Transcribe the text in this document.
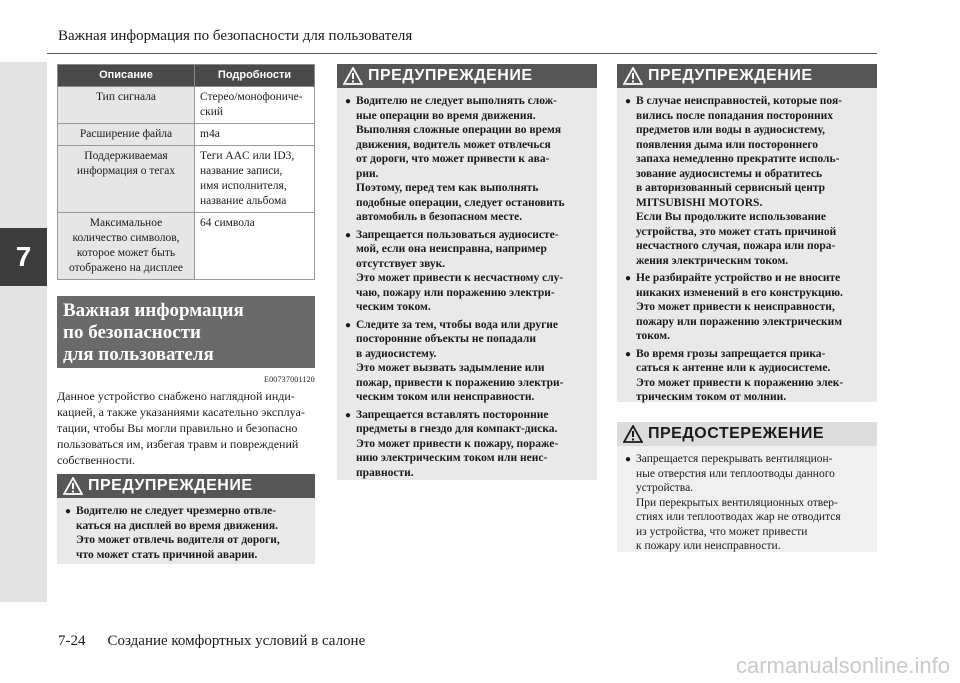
7
Важная информация по безопасности для пользователя
Описание	Подробности
Тип сигнала	Стерео/монофониче-
ский
Расширение файла	m4a
Поддерживаемая
информация о тегах	Теги AAC или ID3,
название записи,
имя исполнителя,
название альбома
Максимальное
количество символов,
которое может быть
отображено на дисплее	64 символа
Важная информация
по безопасности
для пользователя
E00737001120
Данное устройство снабжено наглядной инди-
кацией, а также указаниями касательно эксплуа-
тации, чтобы Вы могли правильно и безопасно
пользоваться им, избегая травм и повреждений
собственности.
ПРЕДУПРЕЖДЕНИЕ
● Водителю не следует чрезмерно отвле-
каться на дисплей во время движения.
Это может отвлечь водителя от дороги,
что может стать причиной аварии.
ПРЕДУПРЕЖДЕНИЕ
● Водителю не следует выполнять слож-
ные операции во время движения.
Выполняя сложные операции во время
движения, водитель может отвлечься
от дороги, что может привести к ава-
рии.
Поэтому, перед тем как выполнять
подобные операции, следует остановить
автомобиль в безопасном месте.
● Запрещается пользоваться аудиосисте-
мой, если она неисправна, например
отсутствует звук.
Это может привести к несчастному слу-
чаю, пожару или поражению электри-
ческим током.
● Следите за тем, чтобы вода или другие
посторонние объекты не попадали
в аудиосистему.
Это может вызвать задымление или
пожар, привести к поражению электри-
ческим током или неисправности.
● Запрещается вставлять посторонние
предметы в гнездо для компакт-диска.
Это может привести к пожару, пораже-
нию электрическим током или неис-
правности.
ПРЕДУПРЕЖДЕНИЕ
● В случае неисправностей, которые поя-
вились после попадания посторонних
предметов или воды в аудиосистему,
появления дыма или постороннего
запаха немедленно прекратите исполь-
зование аудиосистемы и обратитесь
в авторизованный сервисный центр
MITSUBISHI MOTORS.
Если Вы продолжите использование
устройства, это может стать причиной
несчастного случая, пожара или пора-
жения электрическим током.
● Не разбирайте устройство и не вносите
никаких изменений в его конструкцию.
Это может привести к неисправности,
пожару или поражению электрическим
током.
● Во время грозы запрещается прика-
саться к антенне или к аудиосистеме.
Это может привести к поражению элек-
трическим током от молнии.
ПРЕДОСТЕРЕЖЕНИЕ
● Запрещается перекрывать вентиляцион-
ные отверстия или теплоотводы данного
устройства.
При перекрытых вентиляционных отвер-
стиях или теплоотводах жар не отводится
из устройства, что может привести
к пожару или неисправности.
7-24 Создание комфортных условий в салоне
carmanualsonline.info
